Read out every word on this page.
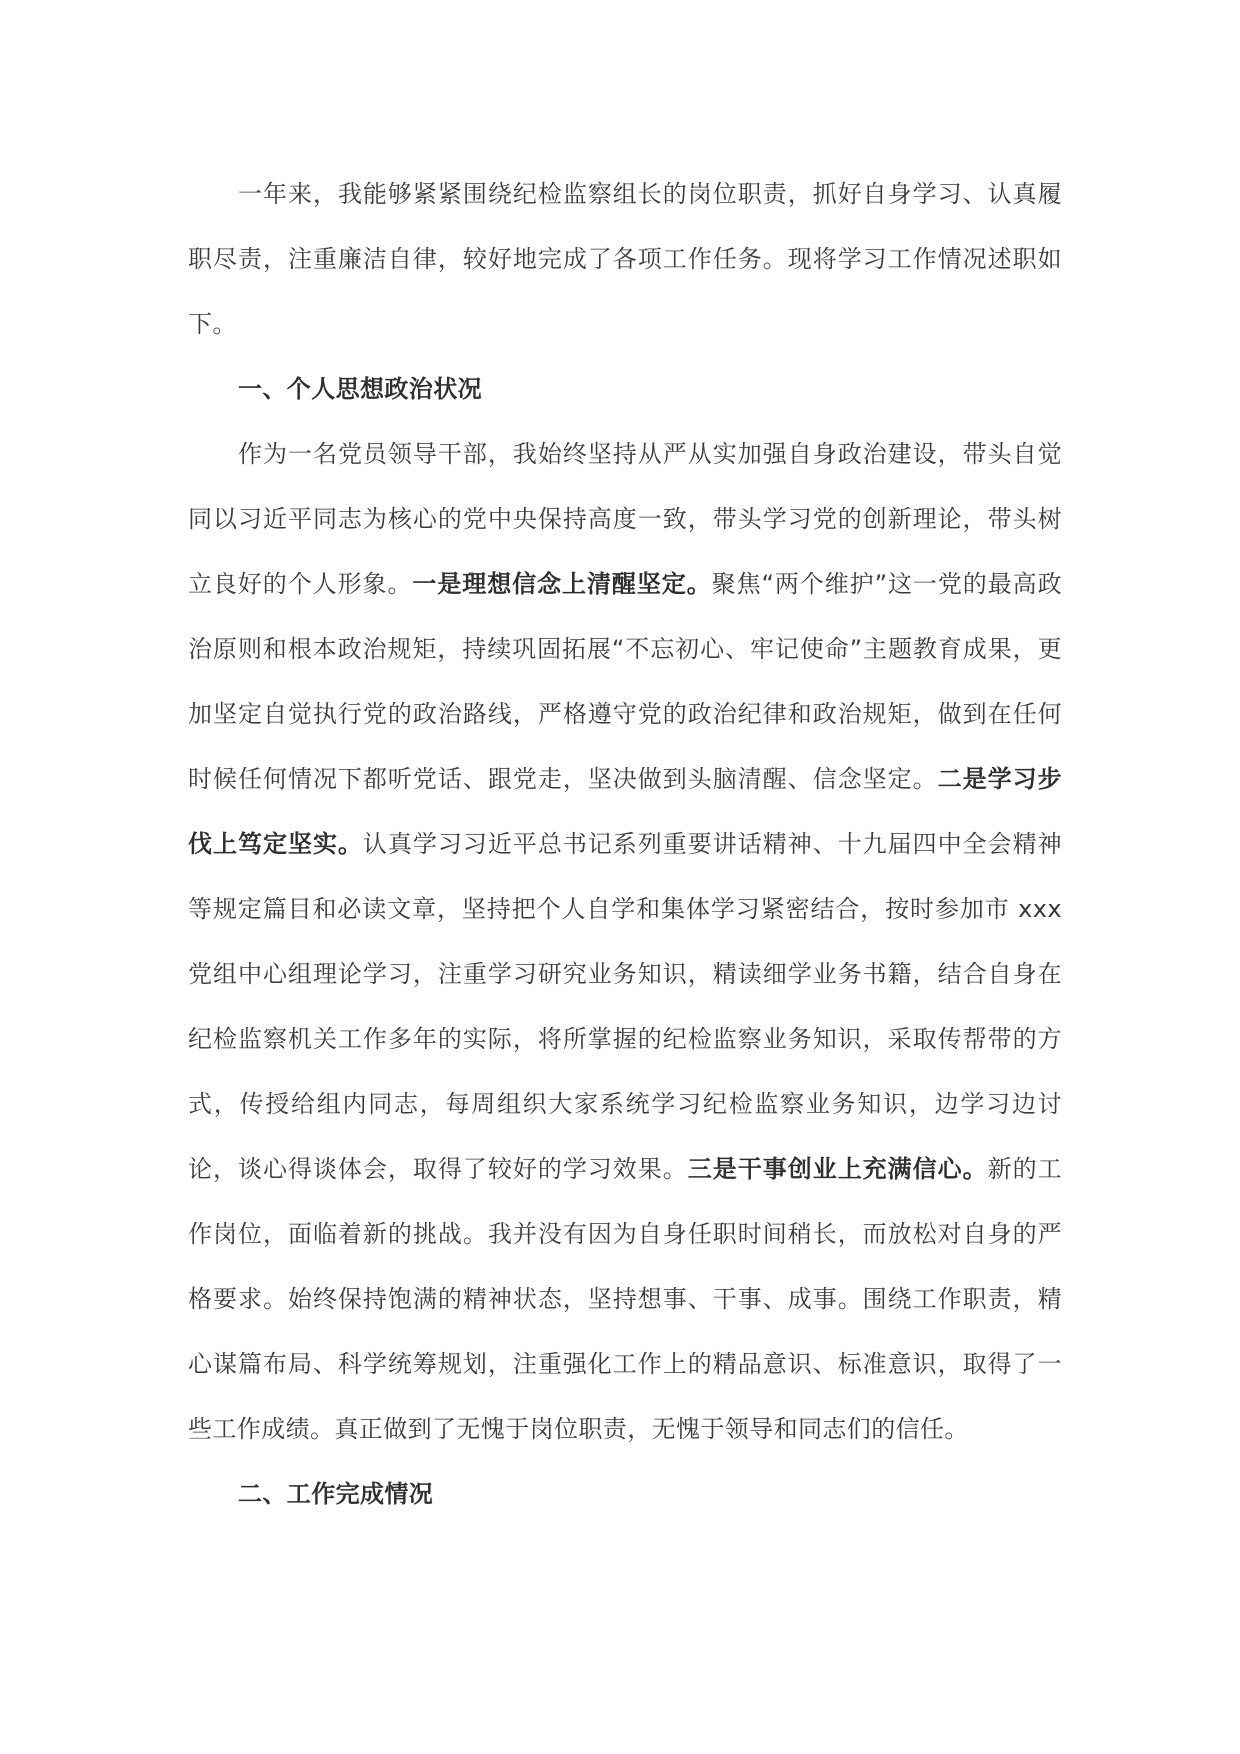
一年来，我能够紧紧围绕纪检监察组长的岗位职责，抓好自身学习、认真履职尽责，注重廉洁自律，较好地完成了各项工作任务。现将学习工作情况述职如下。

一、个人思想政治状况

作为一名党员领导干部，我始终坚持从严从实加强自身政治建设，带头自觉同以习近平同志为核心的党中央保持高度一致，带头学习党的创新理论，带头树立良好的个人形象。一是理想信念上清醒坚定。聚焦“两个维护”这一党的最高政治原则和根本政治规矩，持续巩固拓展“不忘初心、牢记使命”主题教育成果，更加坚定自觉执行党的政治路线，严格遵守党的政治纪律和政治规矩，做到在任何时候任何情况下都听党话、跟党走，坚决做到头脑清醒、信念坚定。二是学习步伐上笃定坚实。认真学习习近平总书记系列重要讲话精神、十九届四中全会精神等规定篇目和必读文章，坚持把个人自学和集体学习紧密结合，按时参加市 xxx 党组中心组理论学习，注重学习研究业务知识，精读细学业务书籍，结合自身在纪检监察机关工作多年的实际，将所掌握的纪检监察业务知识，采取传帮带的方式，传授给组内同志，每周组织大家系统学习纪检监察业务知识，边学习边讨论，谈心得谈体会，取得了较好的学习效果。三是干事创业上充满信心。新的工作岗位，面临着新的挑战。我并没有因为自身任职时间稍长，而放松对自身的严格要求。始终保持饱满的精神状态，坚持想事、干事、成事。围绕工作职责，精心谋篇布局、科学统筹规划，注重强化工作上的精品意识、标准意识，取得了一些工作成绩。真正做到了无愧于岗位职责，无愧于领导和同志们的信任。

二、工作完成情况
